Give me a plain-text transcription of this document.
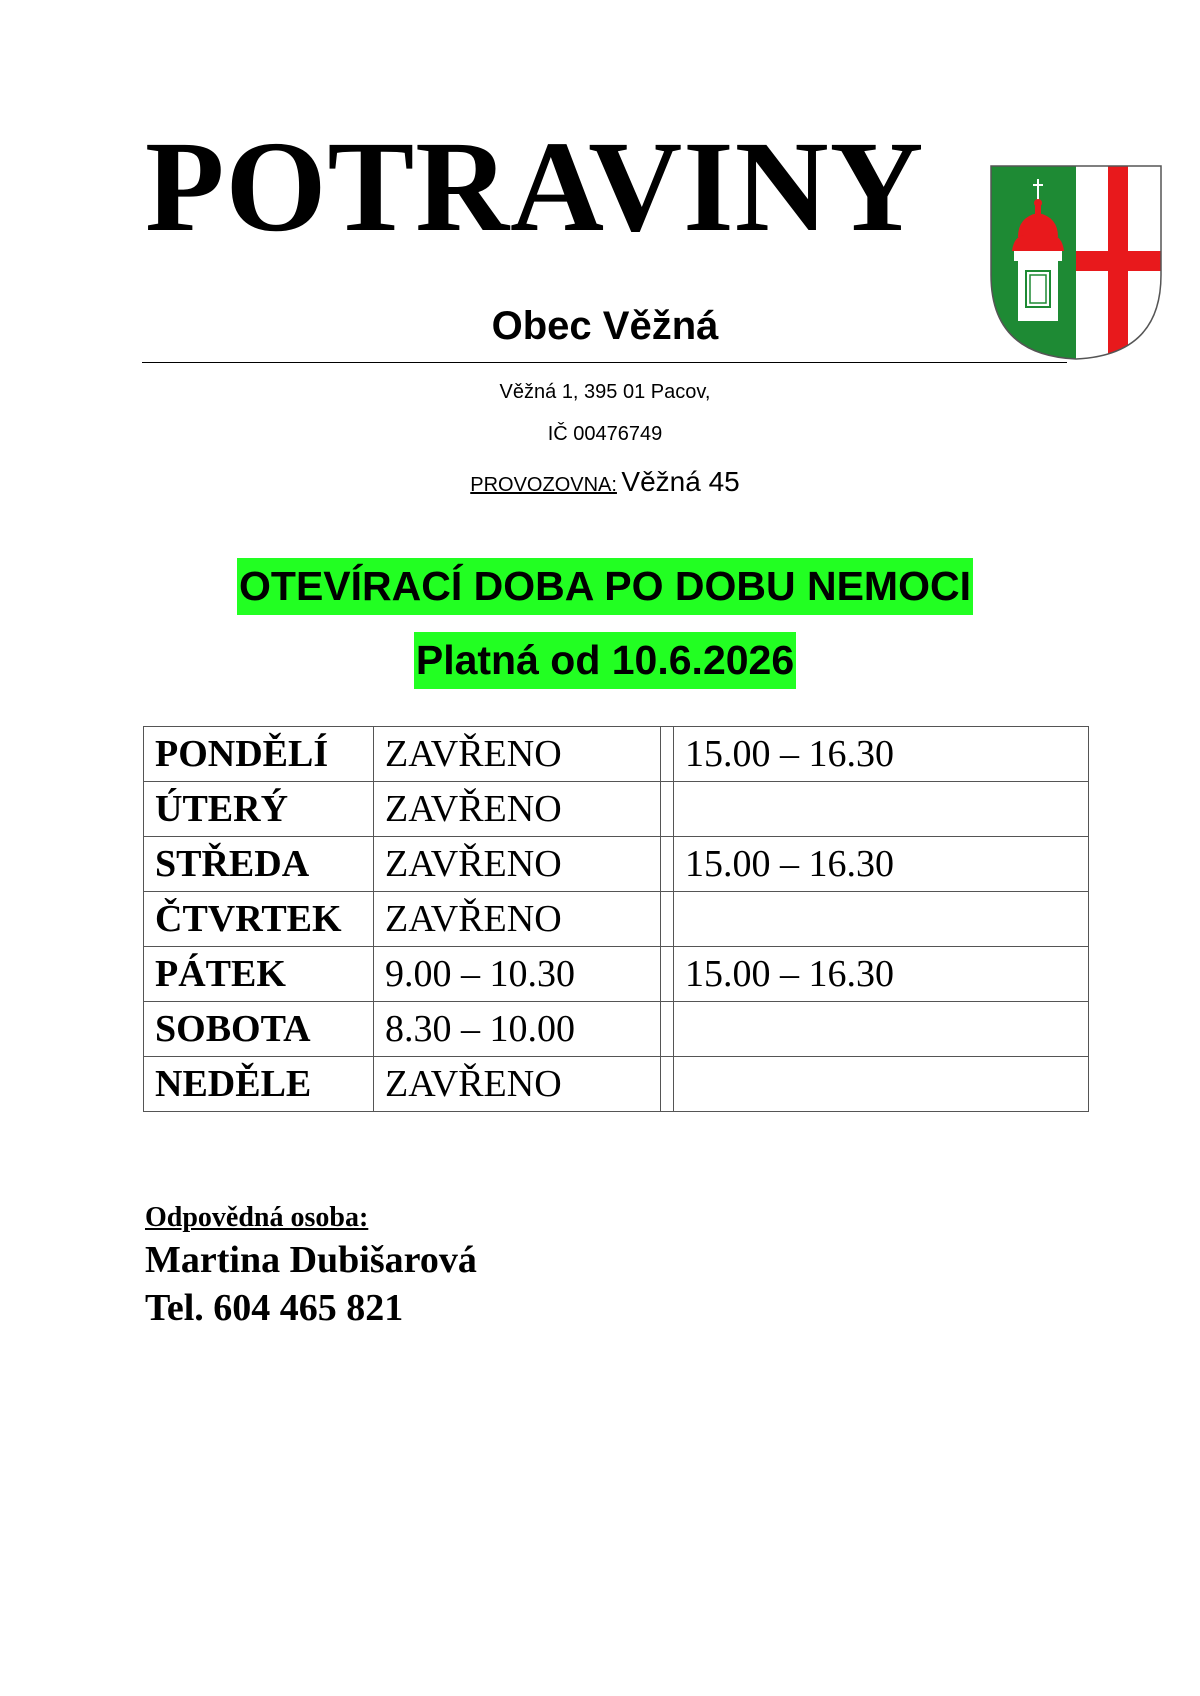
POTRAVINY
Obec Věžná
Věžná 1, 395 01 Pacov,
IČ 00476749
PROVOZOVNA: Věžná 45
OTEVÍRACÍ DOBA PO DOBU NEMOCI
Platná od 10.6.2026
PONDĚLÍ	ZAVŘENO		15.00 – 16.30
ÚTERÝ	ZAVŘENO		
STŘEDA	ZAVŘENO		15.00 – 16.30
ČTVRTEK	ZAVŘENO		
PÁTEK	9.00 – 10.30		15.00 – 16.30
SOBOTA	8.30 – 10.00		
NEDĚLE	ZAVŘENO		
Odpovědná osoba:
Martina Dubišarová
Tel. 604 465 821
